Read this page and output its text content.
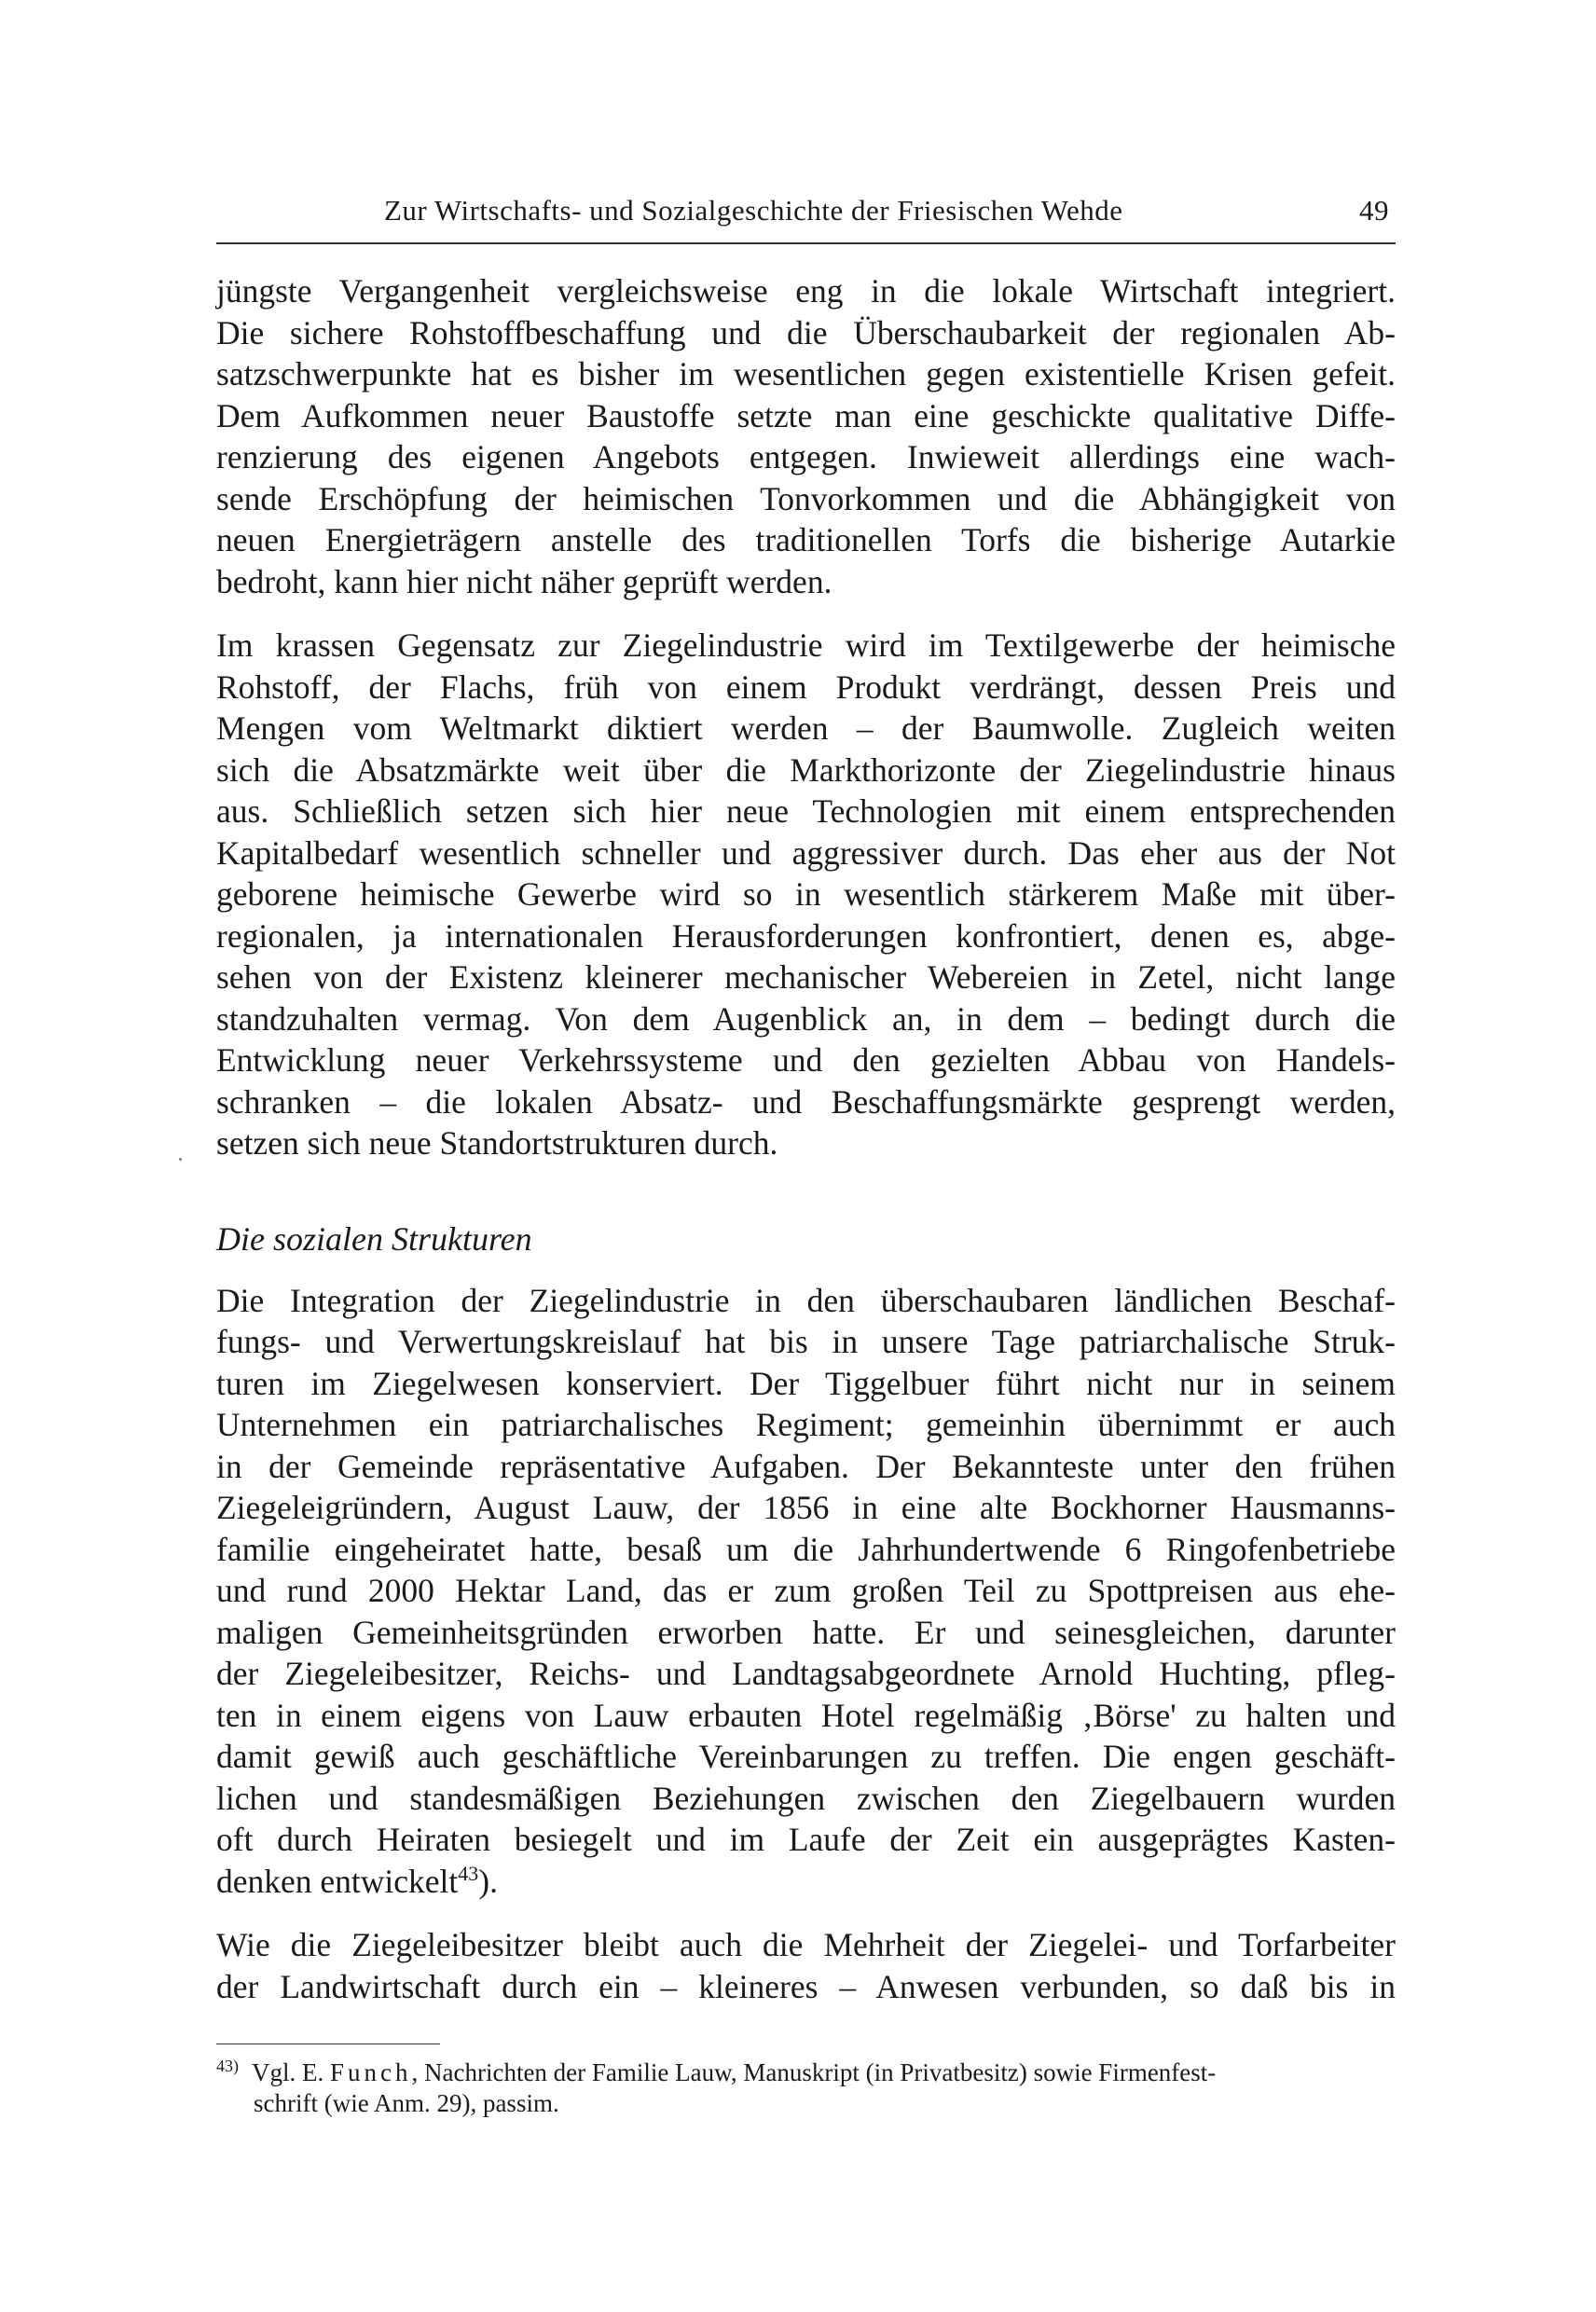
Zur Wirtschafts- und Sozialgeschichte der Friesischen Wehde	49
jüngste Vergangenheit vergleichsweise eng in die lokale Wirtschaft integriert.
Die sichere Rohstoffbeschaffung und die Überschaubarkeit der regionalen Ab-
satzschwerpunkte hat es bisher im wesentlichen gegen existentielle Krisen gefeit.
Dem Aufkommen neuer Baustoffe setzte man eine geschickte qualitative Diffe-
renzierung des eigenen Angebots entgegen. Inwieweit allerdings eine wach-
sende Erschöpfung der heimischen Tonvorkommen und die Abhängigkeit von
neuen Energieträgern anstelle des traditionellen Torfs die bisherige Autarkie
bedroht, kann hier nicht näher geprüft werden.
Im krassen Gegensatz zur Ziegelindustrie wird im Textilgewerbe der heimische
Rohstoff, der Flachs, früh von einem Produkt verdrängt, dessen Preis und
Mengen vom Weltmarkt diktiert werden – der Baumwolle. Zugleich weiten
sich die Absatzmärkte weit über die Markthorizonte der Ziegelindustrie hinaus
aus. Schließlich setzen sich hier neue Technologien mit einem entsprechenden
Kapitalbedarf wesentlich schneller und aggressiver durch. Das eher aus der Not
geborene heimische Gewerbe wird so in wesentlich stärkerem Maße mit über-
regionalen, ja internationalen Herausforderungen konfrontiert, denen es, abge-
sehen von der Existenz kleinerer mechanischer Webereien in Zetel, nicht lange
standzuhalten vermag. Von dem Augenblick an, in dem – bedingt durch die
Entwicklung neuer Verkehrssysteme und den gezielten Abbau von Handels-
schranken – die lokalen Absatz- und Beschaffungsmärkte gesprengt werden,
setzen sich neue Standortstrukturen durch.
Die sozialen Strukturen
Die Integration der Ziegelindustrie in den überschaubaren ländlichen Beschaf-
fungs- und Verwertungskreislauf hat bis in unsere Tage patriarchalische Struk-
turen im Ziegelwesen konserviert. Der Tiggelbuer führt nicht nur in seinem
Unternehmen ein patriarchalisches Regiment; gemeinhin übernimmt er auch
in der Gemeinde repräsentative Aufgaben. Der Bekannteste unter den frühen
Ziegeleigründern, August Lauw, der 1856 in eine alte Bockhorner Hausmanns-
familie eingeheiratet hatte, besaß um die Jahrhundertwende 6 Ringofenbetriebe
und rund 2000 Hektar Land, das er zum großen Teil zu Spottpreisen aus ehe-
maligen Gemeinheitsgründen erworben hatte. Er und seinesgleichen, darunter
der Ziegeleibesitzer, Reichs- und Landtagsabgeordnete Arnold Huchting, pfleg-
ten in einem eigens von Lauw erbauten Hotel regelmäßig ‚Börse' zu halten und
damit gewiß auch geschäftliche Vereinbarungen zu treffen. Die engen geschäft-
lichen und standesmäßigen Beziehungen zwischen den Ziegelbauern wurden
oft durch Heiraten besiegelt und im Laufe der Zeit ein ausgeprägtes Kasten-
denken entwickelt$^{43}$).
Wie die Ziegeleibesitzer bleibt auch die Mehrheit der Ziegelei- und Torfarbeiter
der Landwirtschaft durch ein – kleineres – Anwesen verbunden, so daß bis in
$^{43)}$ Vgl. E. Funch, Nachrichten der Familie Lauw, Manuskript (in Privatbesitz) sowie Firmenfest-
schrift (wie Anm. 29), passim.
